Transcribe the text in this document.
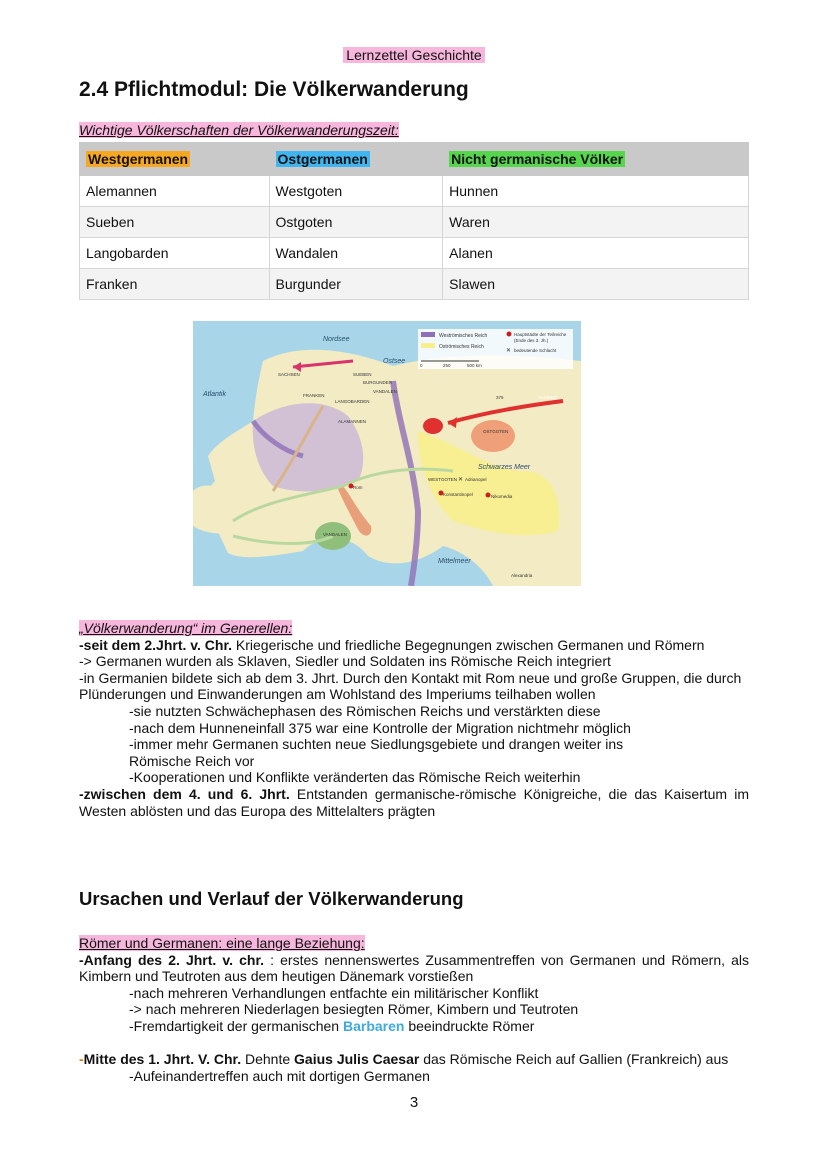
Lernzettel Geschichte
2.4 Pflichtmodul: Die Völkerwanderung
Wichtige Völkerschaften der Völkerwanderungszeit:
Westgermanen	Ostgermanen	Nicht germanische Völker
Alemannen	Westgoten	Hunnen
Sueben	Ostgoten	Waren
Langobarden	Wandalen	Alanen
Franken	Burgunder	Slawen
Weströmisches Reich
Oströmisches Reich
Hauptstädte der Teilreiche
(Ende des 3. Jh.)
✕ bedeutende Schlacht
0	250	500 km
Nordsee
Ostsee
Atlantik
Schwarzes Meer
Mittelmeer
SACHSEN	SUEBEN
BURGUNDER
VANDALEN
FRANKEN
LANGOBARDEN
ALAMANNEN
HUNNEN
OSTGOTEN
WESTGOTEN
VANDALEN
Rom
Konstantinopel
Adrianopel
Nikomedia
Alexandria
375
✕

„Völkerwanderung“ im Generellen:

-seit dem 2.Jhrt. v. Chr. Kriegerische und friedliche Begegnungen zwischen Germanen und Römern

-> Germanen wurden als Sklaven, Siedler und Soldaten ins Römische Reich integriert

-in Germanien bildete sich ab dem 3. Jhrt. Durch den Kontakt mit Rom neue und große Gruppen, die durch Plünderungen und Einwanderungen am Wohlstand des Imperiums teilhaben wollen

-sie nutzten Schwächephasen des Römischen Reichs und verstärkten diese

-nach dem Hunneneinfall 375 war eine Kontrolle der Migration nichtmehr möglich

-immer mehr Germanen suchten neue Siedlungsgebiete und drangen weiter ins Römische Reich vor

-Kooperationen und Konflikte veränderten das Römische Reich weiterhin

-zwischen dem 4. und 6. Jhrt. Entstanden germanische-römische Königreiche, die das Kaisertum im Westen ablösten und das Europa des Mittelalters prägten

Ursachen und Verlauf der Völkerwanderung

Römer und Germanen: eine lange Beziehung:

-Anfang des 2. Jhrt. v. chr. : erstes nennenswertes Zusammentreffen von Germanen und Römern, als Kimbern und Teutroten aus dem heutigen Dänemark vorstießen

-nach mehreren Verhandlungen entfachte ein militärischer Konflikt

-> nach mehreren Niederlagen besiegten Römer, Kimbern und Teutroten

-Fremdartigkeit der germanischen Barbaren beeindruckte Römer

-Mitte des 1. Jhrt. V. Chr. Dehnte Gaius Julis Caesar das Römische Reich auf Gallien (Frankreich) aus

-Aufeinandertreffen auch mit dortigen Germanen

3
